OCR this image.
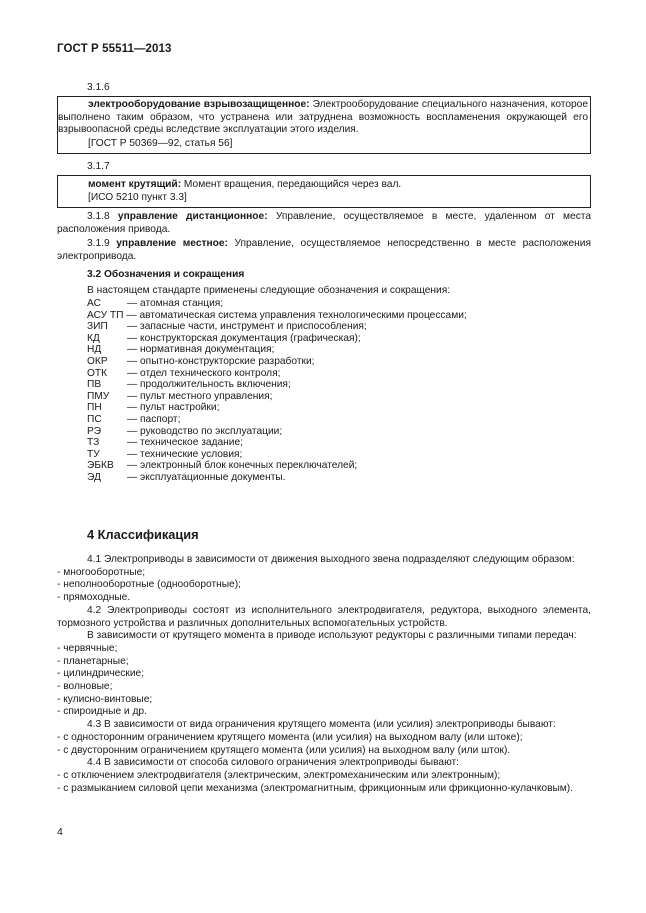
ГОСТ Р 55511—2013
3.1.6
электрооборудование взрывозащищенное: Электрооборудование специального назначения, которое выполнено таким образом, что устранена или затруднена возможность воспламенения окружающей его взрывоопасной среды вследствие эксплуатации этого изделия.
[ГОСТ Р 50369—92, статья 56]
3.1.7
момент крутящий: Момент вращения, передающийся через вал.
[ИСО 5210 пункт 3.3]
3.1.8 управление дистанционное: Управление, осуществляемое в месте, удаленном от места расположения привода.
3.1.9 управление местное: Управление, осуществляемое непосредственно в месте расположения электропривода.
3.2 Обозначения и сокращения
В настоящем стандарте применены следующие обозначения и сокращения:
АС	— атомная станция;
АСУ ТП — автоматическая система управления технологическими процессами;
ЗИП — запасные части, инструмент и приспособления;
КД	— конструкторская документация (графическая);
НД	— нормативная документация;
ОКР — опытно-конструкторские разработки;
ОТК — отдел технического контроля;
ПВ	— продолжительность включения;
ПМУ — пульт местного управления;
ПН — пульт настройки;
ПС — паспорт;
РЭ	— руководство по эксплуатации;
ТЗ	— техническое задание;
ТУ	— технические условия;
ЭБКВ — электронный блок конечных переключателей;
ЭД	— эксплуатационные документы.
4 Классификация
4.1 Электроприводы в зависимости от движения выходного звена подразделяют следующим образом:
- многооборотные;
- неполнооборотные (однооборотные);
- прямоходные.
4.2 Электроприводы состоят из исполнительного электродвигателя, редуктора, выходного элемента, тормозного устройства и различных дополнительных вспомогательных устройств.
В зависимости от крутящего момента в приводе используют редукторы с различными типами передач:
- червячные;
- планетарные;
- цилиндрические;
- волновые;
- кулисно-винтовые;
- спироидные и др.
4.3 В зависимости от вида ограничения крутящего момента (или усилия) электроприводы бывают:
- с односторонним ограничением крутящего момента (или усилия) на выходном валу (или штоке);
- с двусторонним ограничением крутящего момента (или усилия) на выходном валу (или шток).
4.4 В зависимости от способа силового ограничения электроприводы бывают:
- с отключением электродвигателя (электрическим, электромеханическим или электронным);
- с размыканием силовой цепи механизма (электромагнитным, фрикционным или фрикционно-кулачковым).
4
